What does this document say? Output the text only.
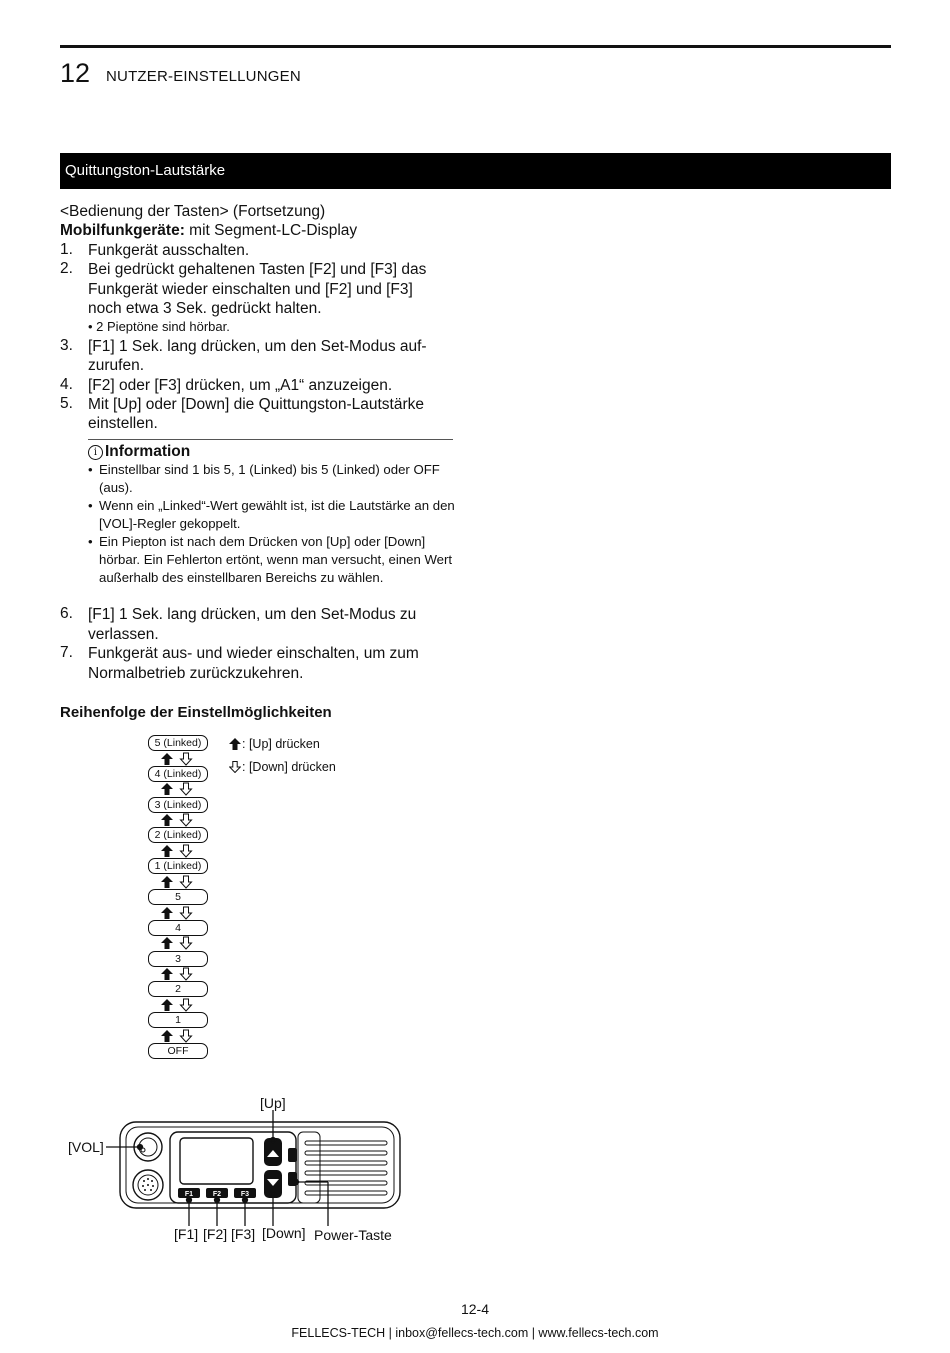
12 NUTZER-EINSTELLUNGEN
Quittungston-Lautstärke
<Bedienung der Tasten> (Fortsetzung)
Mobilfunkgeräte: mit Segment-LC-Display
1. Funkgerät ausschalten.
2. Bei gedrückt gehaltenen Tasten [F2] und [F3] das
Funkgerät wieder einschalten und [F2] und [F3]
noch etwa 3 Sek. gedrückt halten.
• 2 Pieptöne sind hörbar.
3. [F1] 1 Sek. lang drücken, um den Set-Modus auf-
zurufen.
4. [F2] oder [F3] drücken, um „A1“ anzuzeigen.
5. Mit [Up] oder [Down] die Quittungston-Lautstärke
einstellen.
i Information
• Einstellbar sind 1 bis 5, 1 (Linked) bis 5 (Linked) oder OFF (aus).
• Wenn ein „Linked“-Wert gewählt ist, ist die Lautstärke an den [VOL]-Regler gekoppelt.
• Ein Piepton ist nach dem Drücken von [Up] oder [Down] hörbar. Ein Fehlerton ertönt, wenn man versucht, einen Wert außerhalb des einstellbaren Bereichs zu wählen.
6. [F1] 1 Sek. lang drücken, um den Set-Modus zu
verlassen.
7. Funkgerät aus- und wieder einschalten, um zum
Normalbetrieb zurückzukehren.
Reihenfolge der Einstellmöglichkeiten
5 (Linked)
4 (Linked)
3 (Linked)
2 (Linked)
1 (Linked)
5
4
3
2
1
OFF
: [Up] drücken
: [Down] drücken
F1	F2	F3
[Up]
[VOL]
[F1] [F2] [F3] [Down] Power-Taste
12-4
FELLECS-TECH | inbox@fellecs-tech.com | www.fellecs-tech.com
